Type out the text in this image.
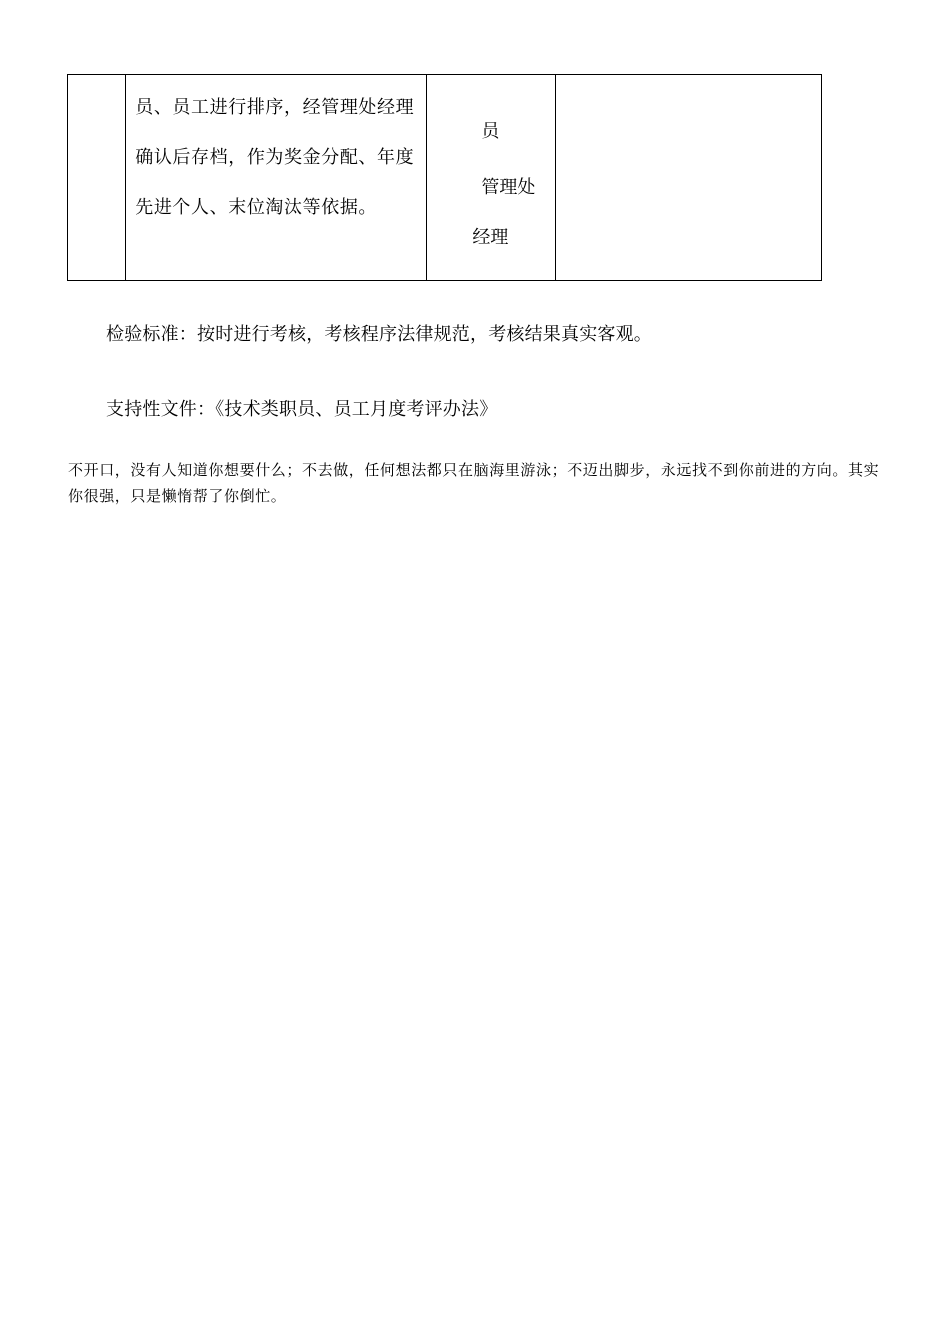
员、员工进行排序，经管理处经理确认后存档，作为奖金分配、年度先进个人、末位淘汰等依据。

员
管理处
经理

检验标准：按时进行考核，考核程序法律规范，考核结果真实客观。
支持性文件：《技术类职员、员工月度考评办法》
不开口，没有人知道你想要什么；不去做，任何想法都只在脑海里游泳；不迈出脚步，永远找不到你前进的方向。其实你很强，只是懒惰帮了你倒忙。
